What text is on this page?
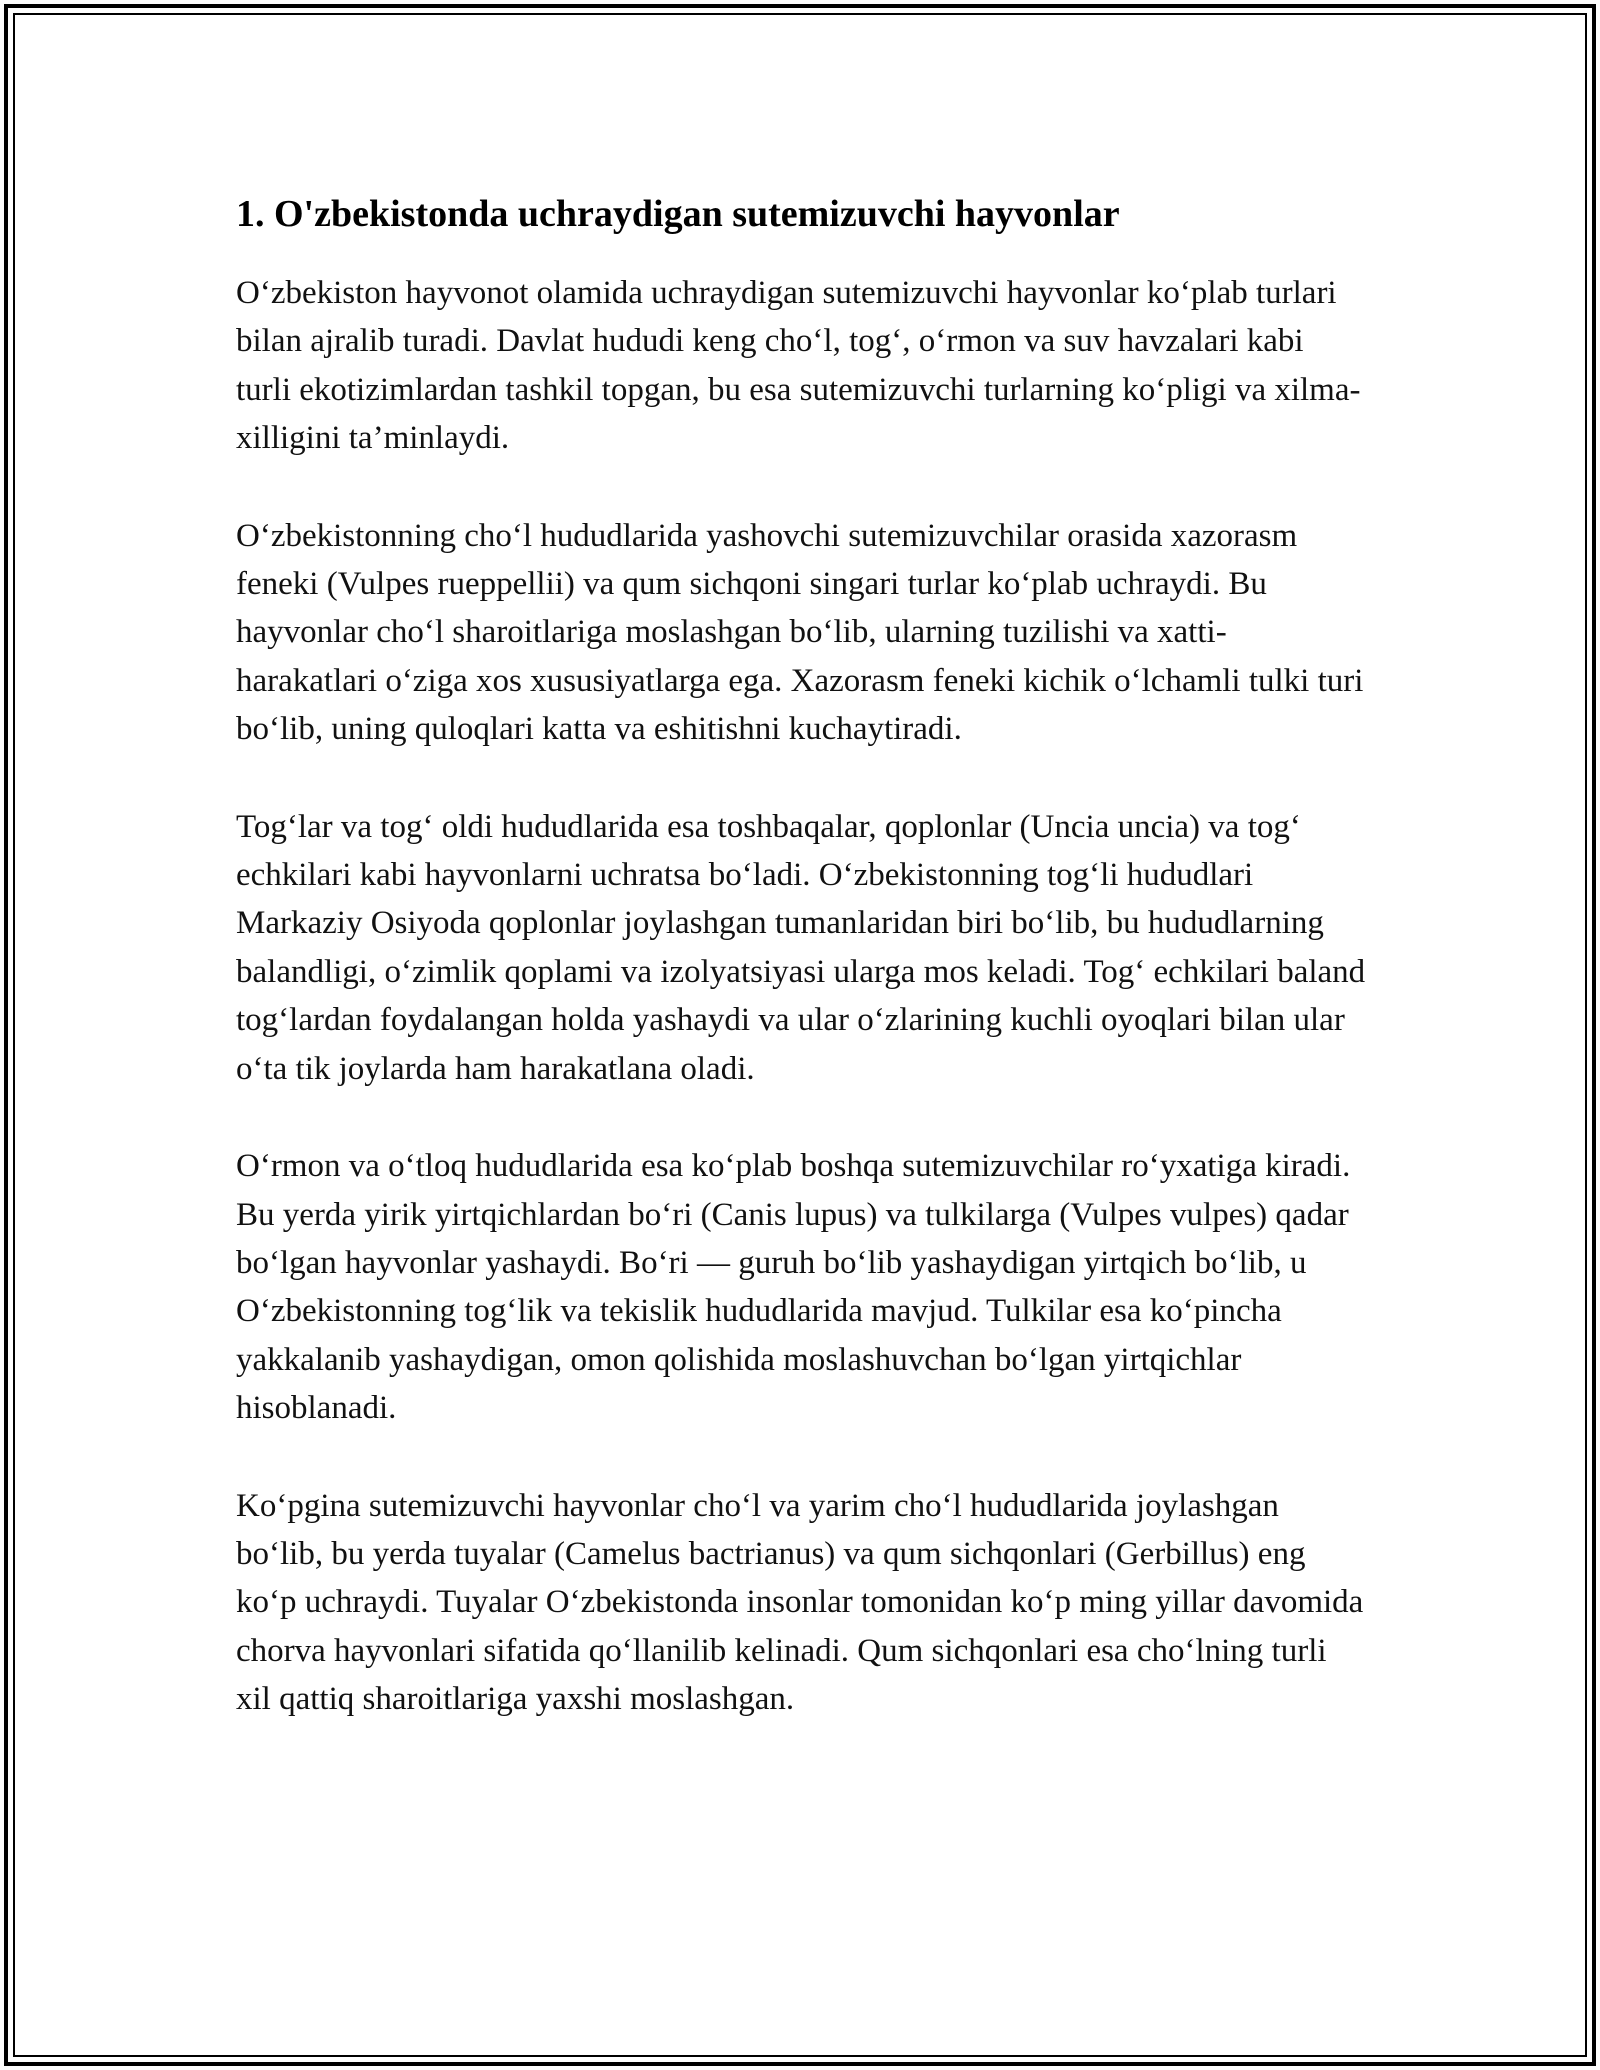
1. O'zbekistonda uchraydigan sutemizuvchi hayvonlar

O‘zbekiston hayvonot olamida uchraydigan sutemizuvchi hayvonlar ko‘plab turlari bilan ajralib turadi. Davlat hududi keng cho‘l, tog‘, o‘rmon va suv havzalari kabi turli ekotizimlardan tashkil topgan, bu esa sutemizuvchi turlarning ko‘pligi va xilma-xilligini ta’minlaydi.

O‘zbekistonning cho‘l hududlarida yashovchi sutemizuvchilar orasida xazorasm feneki (Vulpes rueppellii) va qum sichqoni singari turlar ko‘plab uchraydi. Bu hayvonlar cho‘l sharoitlariga moslashgan bo‘lib, ularning tuzilishi va xatti-harakatlari o‘ziga xos xususiyatlarga ega. Xazorasm feneki kichik o‘lchamli tulki turi bo‘lib, uning quloqlari katta va eshitishni kuchaytiradi.

Tog‘lar va tog‘ oldi hududlarida esa toshbaqalar, qoplonlar (Uncia uncia) va tog‘ echkilari kabi hayvonlarni uchratsa bo‘ladi. O‘zbekistonning tog‘li hududlari Markaziy Osiyoda qoplonlar joylashgan tumanlaridan biri bo‘lib, bu hududlarning balandligi, o‘zimlik qoplami va izolyatsiyasi ularga mos keladi. Tog‘ echkilari baland tog‘lardan foydalangan holda yashaydi va ular o‘zlarining kuchli oyoqlari bilan ular o‘ta tik joylarda ham harakatlana oladi.

O‘rmon va o‘tloq hududlarida esa ko‘plab boshqa sutemizuvchilar ro‘yxatiga kiradi. Bu yerda yirik yirtqichlardan bo‘ri (Canis lupus) va tulkilarga (Vulpes vulpes) qadar bo‘lgan hayvonlar yashaydi. Bo‘ri — guruh bo‘lib yashaydigan yirtqich bo‘lib, u O‘zbekistonning tog‘lik va tekislik hududlarida mavjud. Tulkilar esa ko‘pincha yakkalanib yashaydigan, omon qolishida moslashuvchan bo‘lgan yirtqichlar hisoblanadi.

Ko‘pgina sutemizuvchi hayvonlar cho‘l va yarim cho‘l hududlarida joylashgan bo‘lib, bu yerda tuyalar (Camelus bactrianus) va qum sichqonlari (Gerbillus) eng ko‘p uchraydi. Tuyalar O‘zbekistonda insonlar tomonidan ko‘p ming yillar davomida chorva hayvonlari sifatida qo‘llanilib kelinadi. Qum sichqonlari esa cho‘lning turli xil qattiq sharoitlariga yaxshi moslashgan.
